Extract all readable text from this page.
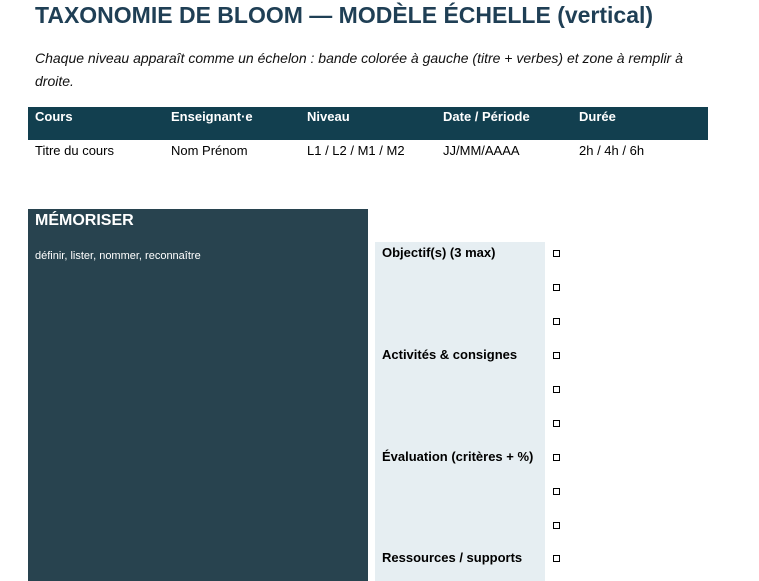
TAXONOMIE DE BLOOM — MODÈLE ÉCHELLE (vertical)
Chaque niveau apparaît comme un échelon : bande colorée à gauche (titre + verbes) et zone à remplir à droite.
Cours	Enseignant·e	Niveau	Date / Période	Durée
Titre du cours	Nom Prénom	L1 / L2 / M1 / M2	JJ/MM/AAAA	2h / 4h / 6h
MÉMORISER
définir, lister, nommer, reconnaître	Objectif(s) (3 max)
Activités & consignes
Évaluation (critères + %)
Ressources / supports
